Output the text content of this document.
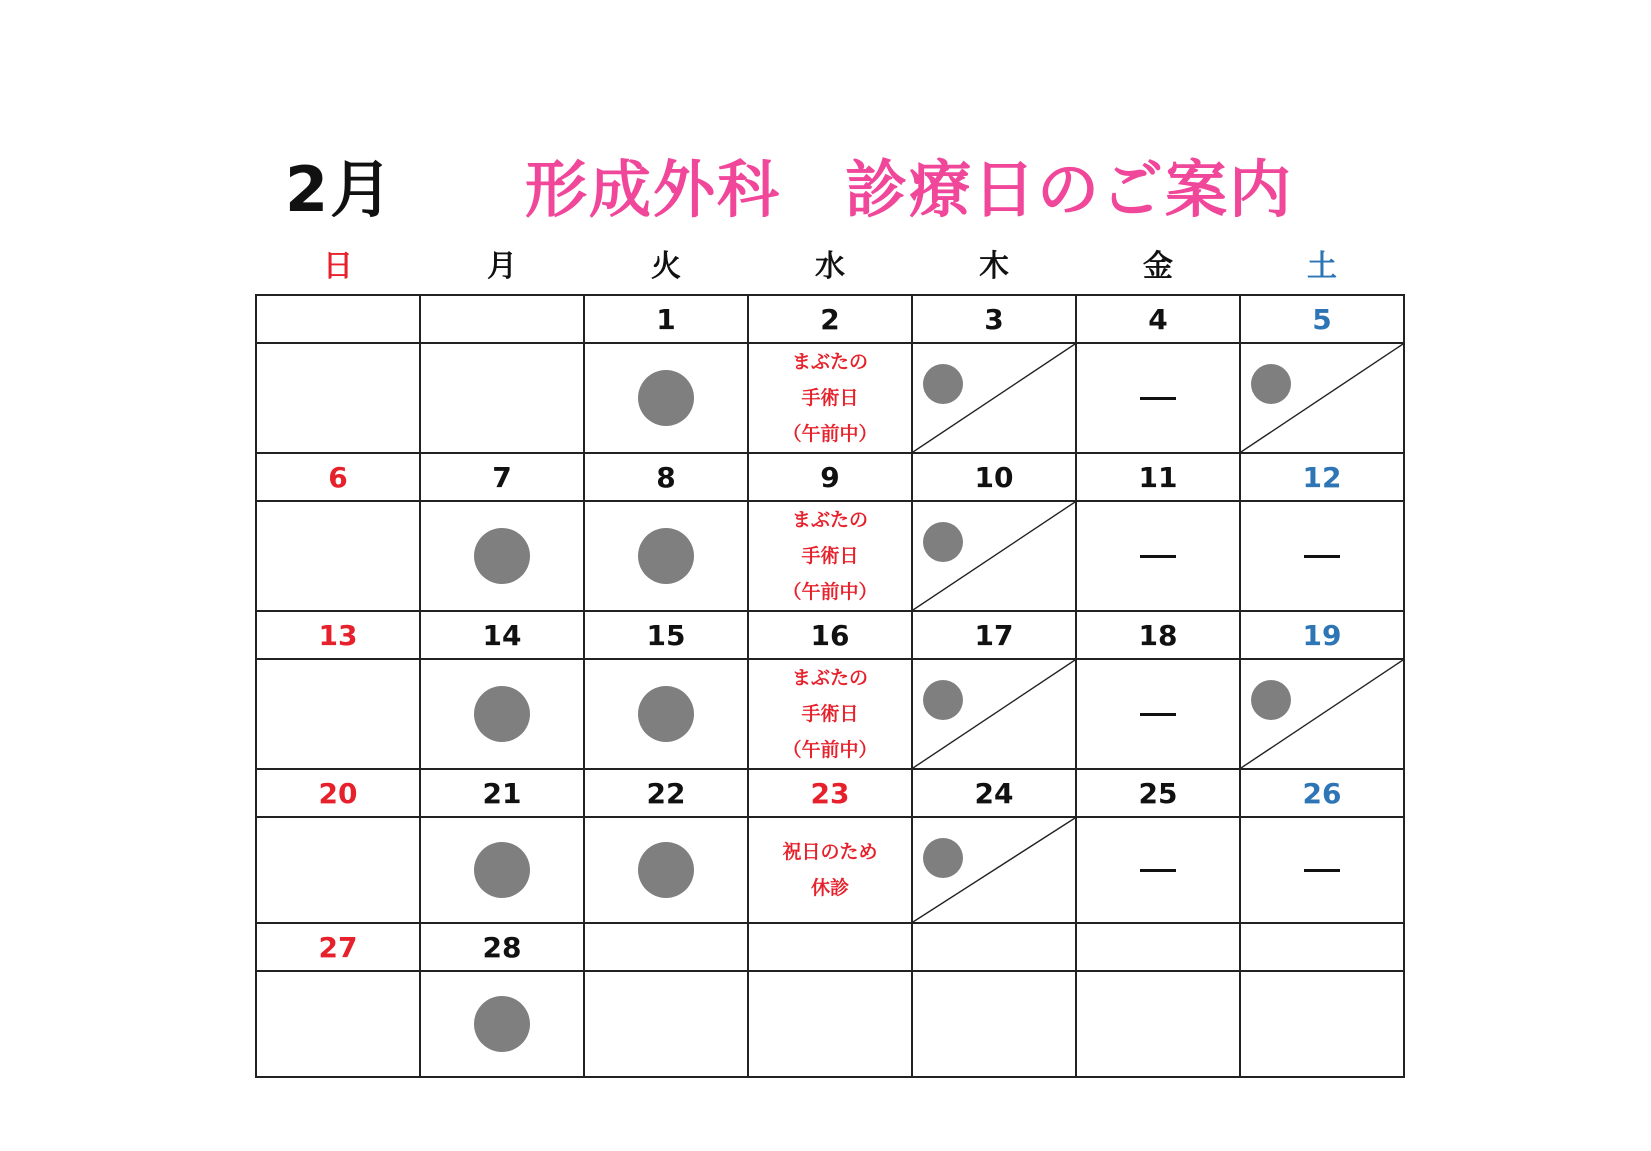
2月 形成外科　診療日のご案内
日	月	火	水	木	金	土
		1	2	3	4	5

			まぶたの
手術日
（午前中）

6	7	8	9	10	11	12

			まぶたの
手術日
（午前中）

13	14	15	16	17	18	19

			まぶたの
手術日
（午前中）

20	21	22	23	24	25	26

			祝日のため
休診

27	28					
